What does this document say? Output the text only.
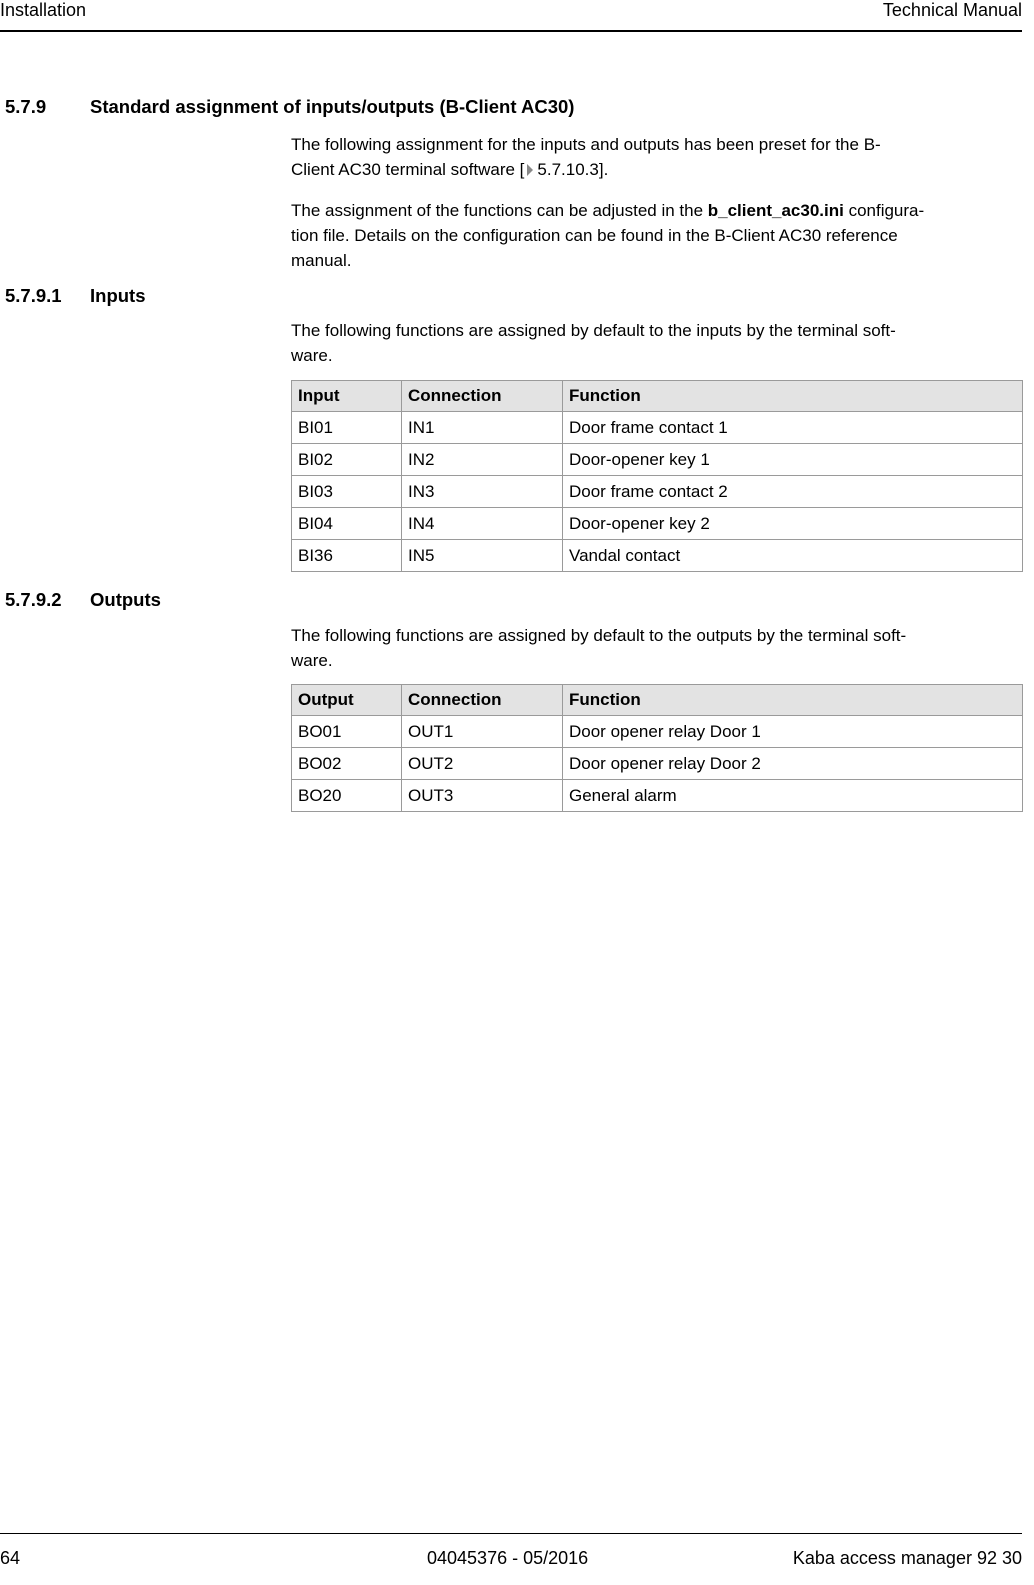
Installation	Technical Manual
5.7.9 Standard assignment of inputs/outputs (B-Client AC30)

The following assignment for the inputs and outputs has been preset for the B-
Client AC30 terminal software [ 5.7.10.3].

The assignment of the functions can be adjusted in the b_client_ac30.ini configura-
tion file. Details on the configuration can be found in the B-Client AC30 reference
manual.

5.7.9.1 Inputs

The following functions are assigned by default to the inputs by the terminal soft-
ware.

Input	Connection	Function
BI01	IN1	Door frame contact 1
BI02	IN2	Door-opener key 1
BI03	IN3	Door frame contact 2
BI04	IN4	Door-opener key 2
BI36	IN5	Vandal contact
5.7.9.2 Outputs

The following functions are assigned by default to the outputs by the terminal soft-
ware.

Output	Connection	Function
BO01	OUT1	Door opener relay Door 1
BO02	OUT2	Door opener relay Door 2
BO20	OUT3	General alarm
64	04045376 - 05/2016	Kaba access manager 92 30
